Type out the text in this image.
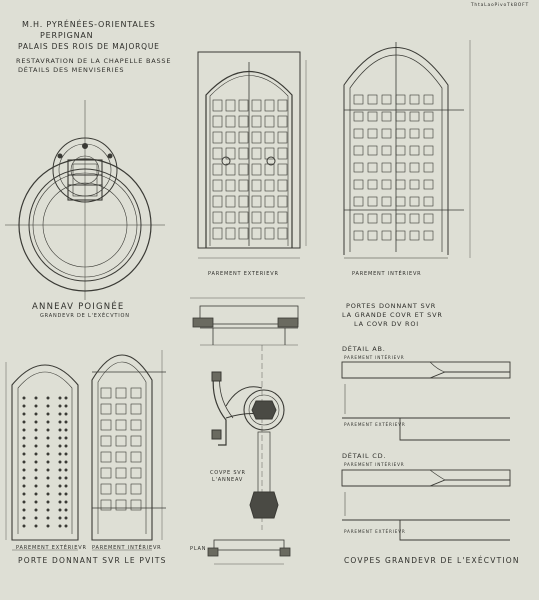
ThtaLaoPivoTkBOFT
M.H. PYRÉNÉES-ORIENTALES
PERPIGNAN
PALAIS DES ROIS DE MAJORQUE
RESTAVRATION DE LA CHAPELLE BASSE
DÉTAILS DES MENVISERIES
ANNEAV POIGNÉE
GRANDEVR DE L'EXÉCVTION
PAREMENT EXTERIEVR	PAREMENT INTÉRIEVR
PORTES DONNANT SVR
LA GRANDE COVR ET SVR
LA COVR DV ROI
PAREMENT EXTÉRIEVR PAREMENT INTÉRIEVR
PORTE DONNANT SVR LE PVITS
COVPE SVR
L'ANNEAV
PLAN
DÉTAIL AB.
PAREMENT INTÉRIEVR
PAREMENT EXTÉRIEVR
DÉTAIL CD.
PAREMENT INTÉRIEVR
PAREMENT EXTÉRIEVR
COVPES GRANDEVR DE L'EXÉCVTION
